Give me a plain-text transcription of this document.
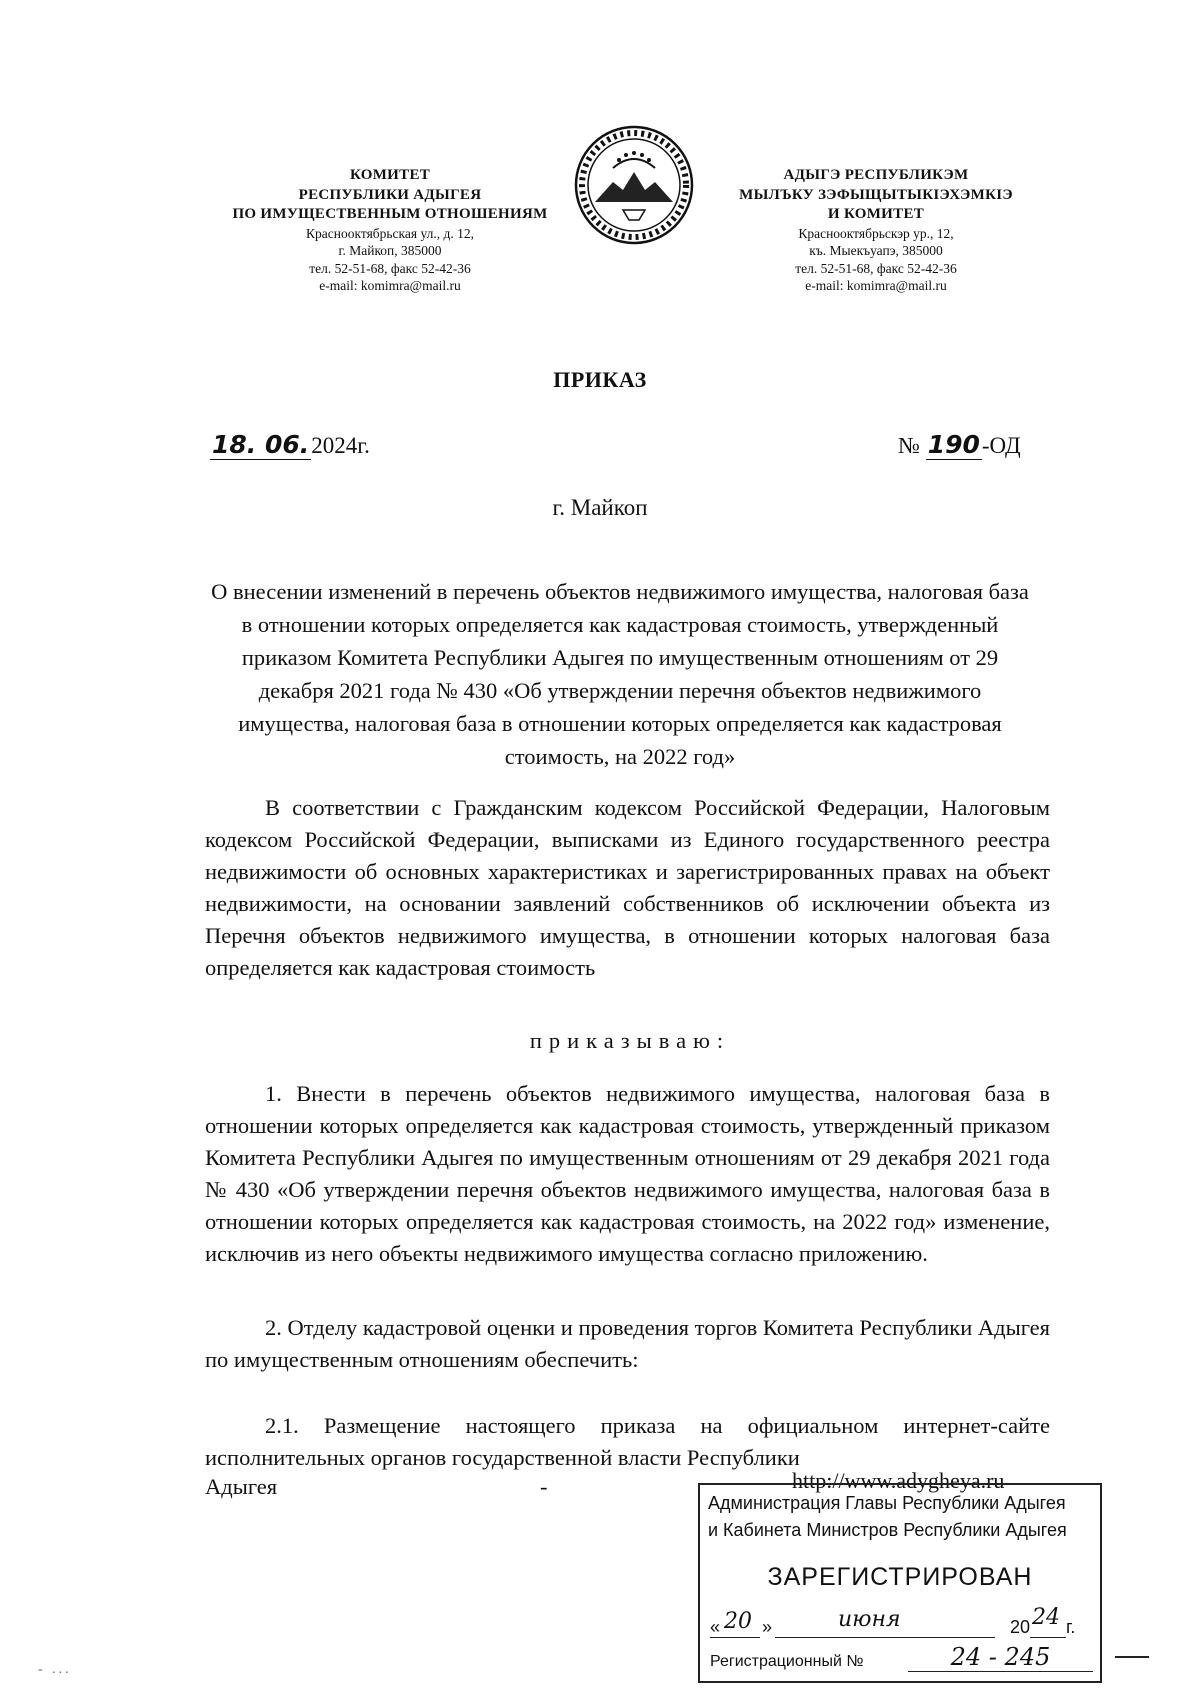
КОМИТЕТ
РЕСПУБЛИКИ АДЫГЕЯ
ПО ИМУЩЕСТВЕННЫМ ОТНОШЕНИЯМ
Краснооктябрьская ул., д. 12,
г. Майкоп, 385000
тел. 52-51-68, факс 52-42-36
e-mail: komimra@mail.ru
АДЫГЭ РЕСПУБЛИКЭМ
МЫЛЪКУ ЗЭФЫЩЫТЫКIЭХЭМКIЭ
И КОМИТЕТ
Краснооктябрьскэр ур., 12,
къ. Мыекъуапэ, 385000
тел. 52-51-68, факс 52-42-36
e-mail: komimra@mail.ru
ПРИКАЗ
18. 06.2024г.	№ 190-ОД
г. Майкоп
О внесении изменений в перечень объектов недвижимого имущества, налоговая база в отношении которых определяется как кадастровая стоимость, утвержденный приказом Комитета Республики Адыгея по имущественным отношениям от 29 декабря 2021 года № 430 «Об утверждении перечня объектов недвижимого имущества, налоговая база в отношении которых определяется как кадастровая стоимость, на 2022 год»
В соответствии с Гражданским кодексом Российской Федерации, Налоговым кодексом Российской Федерации, выписками из Единого государственного реестра недвижимости об основных характеристиках и зарегистрированных правах на объект недвижимости, на основании заявлений собственников об исключении объекта из Перечня объектов недвижимого имущества, в отношении которых налоговая база определяется как кадастровая стоимость
приказываю:
1. Внести в перечень объектов недвижимого имущества, налоговая база в отношении которых определяется как кадастровая стоимость, утвержденный приказом Комитета Республики Адыгея по имущественным отношениям от 29 декабря 2021 года № 430 «Об утверждении перечня объектов недвижимого имущества, налоговая база в отношении которых определяется как кадастровая стоимость, на 2022 год» изменение, исключив из него объекты недвижимого имущества согласно приложению.
2. Отделу кадастровой оценки и проведения торгов Комитета Республики Адыгея по имущественным отношениям обеспечить:
2.1. Размещение настоящего приказа на официальном интернет-сайте исполнительных органов государственной власти Республики
Адыгея	-	http://www.adygheya.ru
Администрация Главы Республики Адыгея
и Кабинета Министров Республики Адыгея
ЗАРЕГИСТРИРОВАН
« 20 »	июня	20 24 г.
Регистрационный №	24 - 245
- ...
